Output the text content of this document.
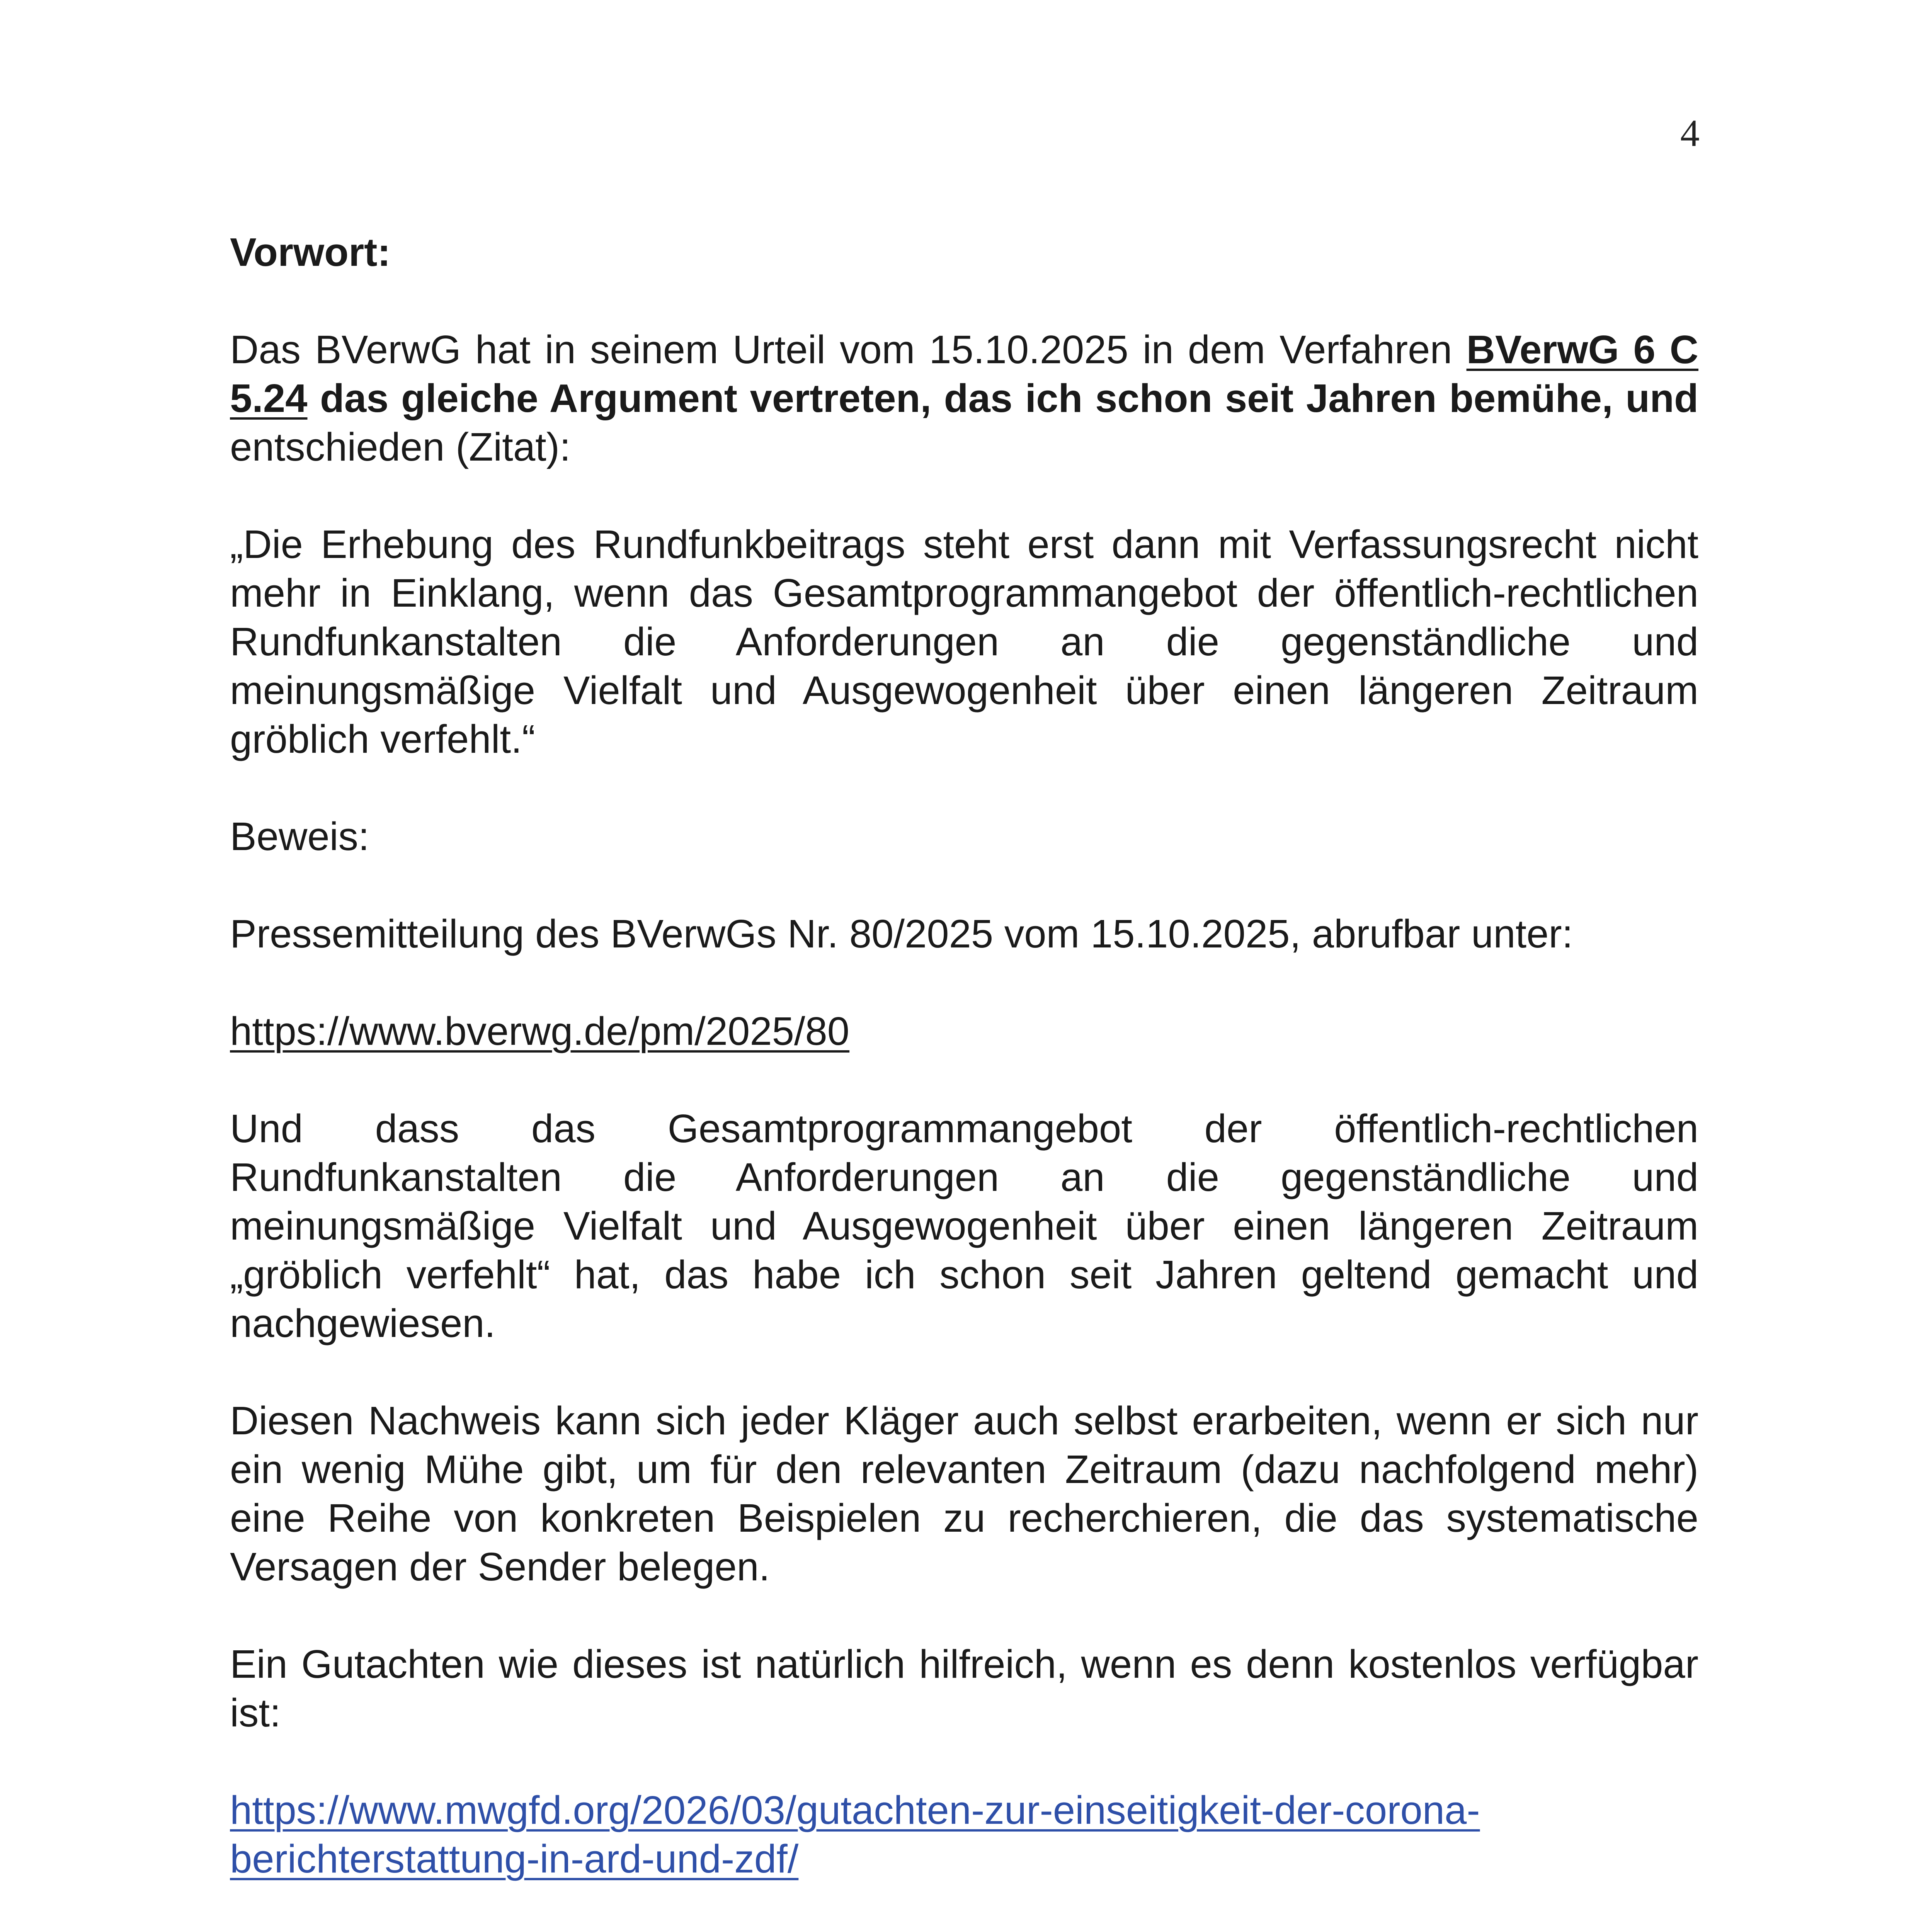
4

Vorwort:

Das BVerwG hat in seinem Urteil vom 15.10.2025 in dem Verfahren BVerwG 6 C 5.24 das gleiche Argument vertreten, das ich schon seit Jahren bemühe, und entschieden (Zitat):

„Die Erhebung des Rundfunkbeitrags steht erst dann mit Verfassungsrecht nicht mehr in Einklang, wenn das Gesamtprogrammangebot der öffentlich-rechtlichen Rundfunkanstalten die Anforderungen an die gegenständliche und meinungsmäßige Vielfalt und Ausgewogenheit über einen längeren Zeitraum gröblich verfehlt.“

Beweis:

Pressemitteilung des BVerwGs Nr. 80/2025 vom 15.10.2025, abrufbar unter:

https://www.bverwg.de/pm/2025/80

Und dass das Gesamtprogrammangebot der öffentlich-rechtlichen Rundfunkanstalten die Anforderungen an die gegenständliche und meinungsmäßige Vielfalt und Ausgewogenheit über einen längeren Zeitraum „gröblich verfehlt“ hat, das habe ich schon seit Jahren geltend gemacht und nachgewiesen.

Diesen Nachweis kann sich jeder Kläger auch selbst erarbeiten, wenn er sich nur ein wenig Mühe gibt, um für den relevanten Zeitraum (dazu nachfolgend mehr) eine Reihe von konkreten Beispielen zu recherchieren, die das systematische Versagen der Sender belegen.

Ein Gutachten wie dieses ist natürlich hilfreich, wenn es denn kostenlos verfügbar ist:

https://www.mwgfd.org/2026/03/gutachten-zur-einseitigkeit-der-corona-
berichterstattung-in-ard-und-zdf/
